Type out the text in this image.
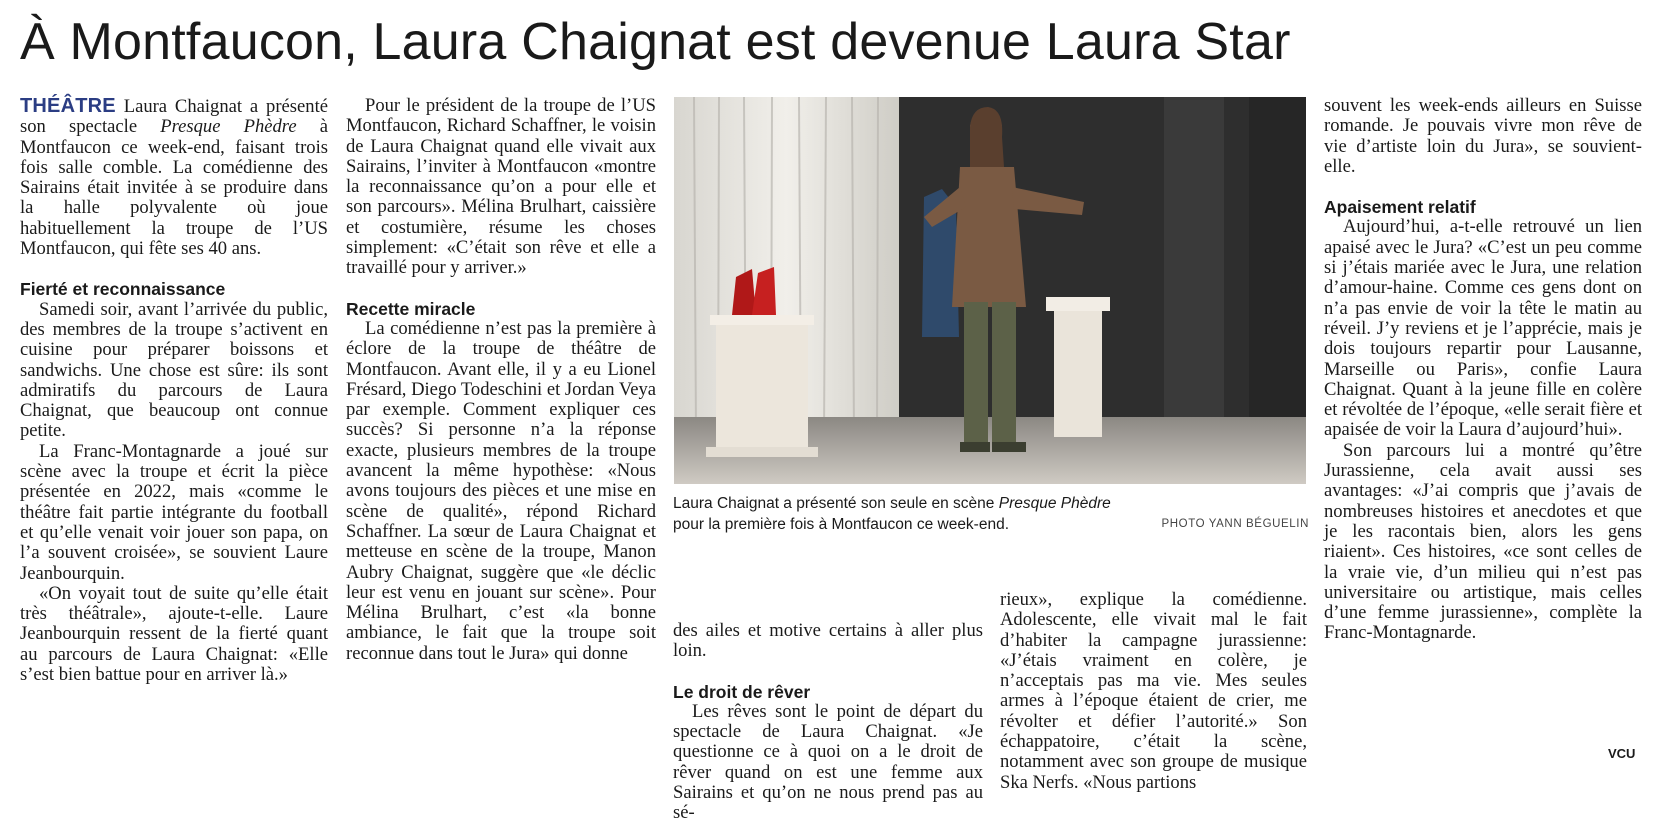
À Montfaucon, Laura Chaignat est devenue Laura Star

THÉÂTRE Laura Chaignat a présenté son spectacle Presque Phèdre à Montfaucon ce week-end, faisant trois fois salle comble. La comédienne des Sairains était invitée à se produire dans la halle polyvalente où joue habituellement la troupe de l’US Montfaucon, qui fête ses 40 ans.

Fierté et reconnaissance

Samedi soir, avant l’arrivée du public, des membres de la troupe s’activent en cuisine pour préparer boissons et sandwichs. Une chose est sûre: ils sont admiratifs du parcours de Laura Chaignat, que beaucoup ont connue petite.

La Franc-Montagnarde a joué sur scène avec la troupe et écrit la pièce présentée en 2022, mais «comme le théâtre fait partie intégrante du football et qu’elle venait voir jouer son papa, on l’a souvent croisée», se souvient Laure Jeanbourquin.

«On voyait tout de suite qu’elle était très théâtrale», ajoute-t-elle. Laure Jeanbourquin ressent de la fierté quant au parcours de Laura Chaignat: «Elle s’est bien battue pour en arriver là.»

Pour le président de la troupe de l’US Montfaucon, Richard Schaffner, le voisin de Laura Chaignat quand elle vivait aux Sairains, l’inviter à Montfaucon «montre la reconnaissance qu’on a pour elle et son parcours». Mélina Brulhart, caissière et costumière, résume les choses simplement: «C’était son rêve et elle a travaillé pour y arriver.»

Recette miracle

La comédienne n’est pas la première à éclore de la troupe de théâtre de Montfaucon. Avant elle, il y a eu Lionel Frésard, Diego Todeschini et Jordan Veya par exemple. Comment expliquer ces succès? Si personne n’a la réponse exacte, plusieurs membres de la troupe avancent la même hypothèse: «Nous avons toujours des pièces et une mise en scène de qualité», répond Richard Schaffner. La sœur de Laura Chaignat et metteuse en scène de la troupe, Manon Aubry Chaignat, suggère que «le déclic leur est venu en jouant sur scène». Pour Mélina Brulhart, c’est «la bonne ambiance, le fait que la troupe soit reconnue dans tout le Jura» qui donne

Laura Chaignat a présenté son seule en scène Presque Phèdre
pour la première fois à Montfaucon ce week-end.	PHOTO YANN BÉGUELIN

des ailes et motive certains à aller plus loin.

Le droit de rêver

Les rêves sont le point de départ du spectacle de Laura Chaignat. «Je questionne ce à quoi on a le droit de rêver quand on est une femme aux Sairains et qu’on ne nous prend pas au sé-

rieux», explique la comédienne. Adolescente, elle vivait mal le fait d’habiter la campagne jurassienne: «J’étais vraiment en colère, je n’acceptais pas ma vie. Mes seules armes à l’époque étaient de crier, me révolter et défier l’autorité.» Son échappatoire, c’était la scène, notamment avec son groupe de musique Ska Nerfs. «Nous partions

souvent les week-ends ailleurs en Suisse romande. Je pouvais vivre mon rêve de vie d’artiste loin du Jura», se souvient-elle.

Apaisement relatif

Aujourd’hui, a-t-elle retrouvé un lien apaisé avec le Jura? «C’est un peu comme si j’étais mariée avec le Jura, une relation d’amour-haine. Comme ces gens dont on n’a pas envie de voir la tête le matin au réveil. J’y reviens et je l’apprécie, mais je dois toujours repartir pour Lausanne, Marseille ou Paris», confie Laura Chaignat. Quant à la jeune fille en colère et révoltée de l’époque, «elle serait fière et apaisée de voir la Laura d’aujourd’hui».

Son parcours lui a montré qu’être Jurassienne, cela avait aussi ses avantages: «J’ai compris que j’avais de nombreuses histoires et anecdotes et que je les racontais bien, alors les gens riaient». Ces histoires, «ce sont celles de la vraie vie, d’un milieu qui n’est pas universitaire ou artistique, mais celles d’une femme jurassienne», complète la Franc-Montagnarde.

VCU
